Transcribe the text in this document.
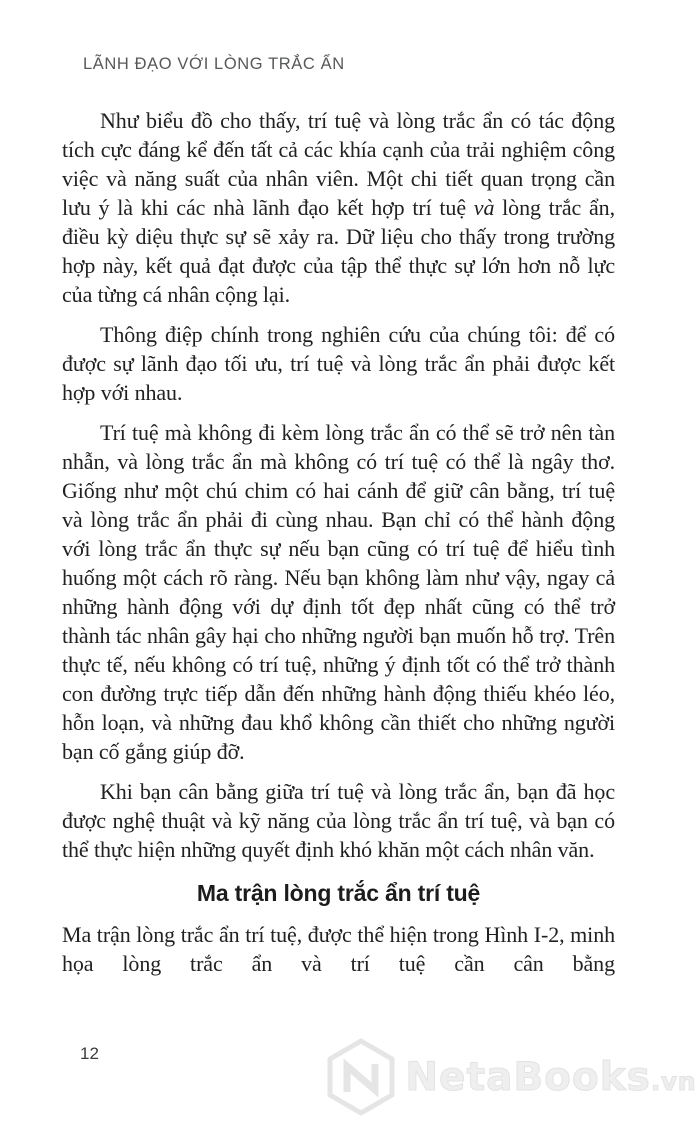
LÃNH ĐẠO VỚI LÒNG TRẮC ẨN

Như biểu đồ cho thấy, trí tuệ và lòng trắc ẩn có tác động tích cực đáng kể đến tất cả các khía cạnh của trải nghiệm công việc và năng suất của nhân viên. Một chi tiết quan trọng cần lưu ý là khi các nhà lãnh đạo kết hợp trí tuệ và lòng trắc ẩn, điều kỳ diệu thực sự sẽ xảy ra. Dữ liệu cho thấy trong trường hợp này, kết quả đạt được của tập thể thực sự lớn hơn nỗ lực của từng cá nhân cộng lại.

Thông điệp chính trong nghiên cứu của chúng tôi: để có được sự lãnh đạo tối ưu, trí tuệ và lòng trắc ẩn phải được kết hợp với nhau.

Trí tuệ mà không đi kèm lòng trắc ẩn có thể sẽ trở nên tàn nhẫn, và lòng trắc ẩn mà không có trí tuệ có thể là ngây thơ. Giống như một chú chim có hai cánh để giữ cân bằng, trí tuệ và lòng trắc ẩn phải đi cùng nhau. Bạn chỉ có thể hành động với lòng trắc ẩn thực sự nếu bạn cũng có trí tuệ để hiểu tình huống một cách rõ ràng. Nếu bạn không làm như vậy, ngay cả những hành động với dự định tốt đẹp nhất cũng có thể trở thành tác nhân gây hại cho những người bạn muốn hỗ trợ. Trên thực tế, nếu không có trí tuệ, những ý định tốt có thể trở thành con đường trực tiếp dẫn đến những hành động thiếu khéo léo, hỗn loạn, và những đau khổ không cần thiết cho những người bạn cố gắng giúp đỡ.

Khi bạn cân bằng giữa trí tuệ và lòng trắc ẩn, bạn đã học được nghệ thuật và kỹ năng của lòng trắc ẩn trí tuệ, và bạn có thể thực hiện những quyết định khó khăn một cách nhân văn.

Ma trận lòng trắc ẩn trí tuệ

Ma trận lòng trắc ẩn trí tuệ, được thể hiện trong Hình I-2, minh họa lòng trắc ẩn và trí tuệ cần cân bằng

12
NetaBooks.vn
